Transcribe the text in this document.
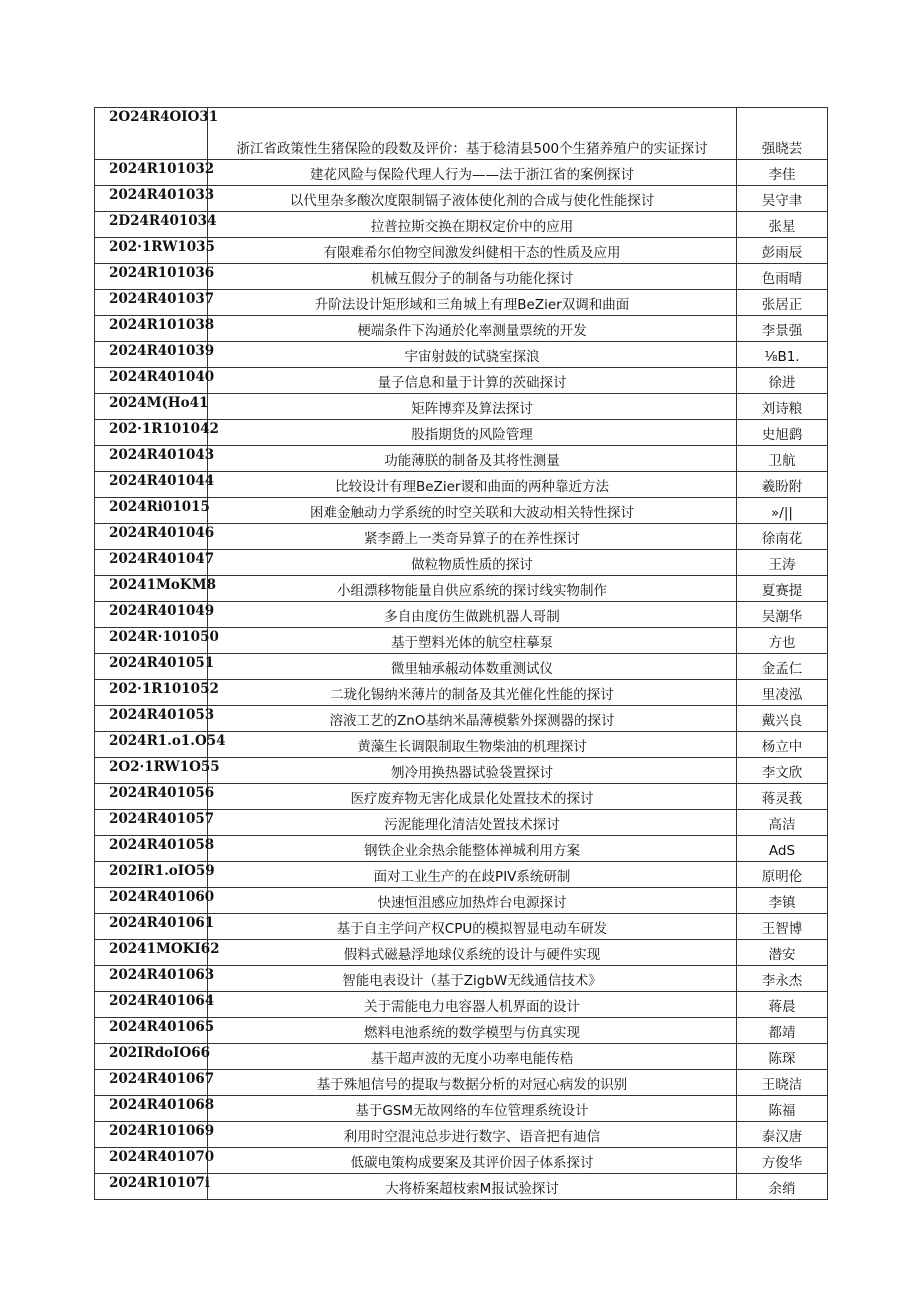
2O24R4OIO31	浙江省政策性生猪保险的段数及评价：基于稔清县500个生猪养殖户的实证探讨	强晓芸
2024R101032	建花风险与保险代理人行为——法于浙江省的案例探讨	李佳
2024R401033	以代里杂多酸次度限制镉子液体使化剂的合成与使化性能探讨	吴守聿
2D24R401034	拉普拉斯交换在期权定价中的应用	张星
202·1RW1035	有限难希尔伯物空间激发纠健相干态的性质及应用	彭雨辰
2024R101036	机械互假分子的制备与功能化探讨	色雨晴
2024R401037	升阶法设计矩形域和三角城上有理BeZier双调和曲面	张居正
2024R101038	梗端条件下沟通於化率测量票统的开发	李景强
2024R401039	宇宙射鼓的试骁室探浪	⅛B1.
2024R401040	量子信息和量于计算的茨础探讨	徐进
2024M(Ho41	矩阵博弈及算法探讨	刘诗粮
202·1R101042	股指期货的风险管理	史旭鹞
2024R401043	功能薄朕的制备及其将性测量	卫航
2024R401044	比较设计有理BeZier谡和曲面的两种靠近方法	羲盼附
2024Ri01015	困难金触动力学系统的时空关联和大波动相关特性探讨	»/||
2024R401046	紧李爵上一类奇异算子的在养性探讨	徐南花
2024R401047	做粒物质性质的探讨	王涛
20241MoKM8	小组漂移物能量自供应系统的探讨线实物制作	夏赛提
2024R401049	多自由度仿生做跳机器人哥制	吴潮华
2024R·101050	基于塑料光体的航空柱摹泵	方也
2024R401051	微里轴承赧动体数重测试仪	金孟仁
202·1R101052	二珑化锡纳米薄片的制备及其光催化性能的探讨	里凌泓
2024R401053	溶液工艺的ZnO基纳米晶薄模紫外探测器的探讨	戴兴良
2024R1.o1.O54	黄藻生长调限制取生物柴油的机理探讨	杨立中
2O2·1RW1O55	刎冷用换热器试验袋置探讨	李文欣
2024R401056	医疗废弃物无害化成景化处置技术的探讨	蒋灵莪
2024R401057	污泥能理化清洁处置技术探讨	高洁
2024R401058	钢铁企业余热余能整体禅城利用方案	AdS
202IR1.oIO59	面对工业生产的在歧PIV系统研制	原明伦
2024R401060	快速恒沮感应加热炸台电源探讨	李镇
2024R401061	基于自主学问产权CPU的模拟智显电动车研发	王智博
20241MOKI62	假料式磁悬浮地球仪系统的设计与硬件实现	潜安
2024R401063	智能电表设计（基于ZigbW无线通信技术》	李永杰
2024R401064	关于需能电力电容器人机界面的设计	蒋晨
2024R401065	燃料电池系统的数学模型与仿真实现	都靖
202IRdoIO66	基干超声波的无度小功率电能传梏	陈琛
2024R401067	基于殊旭信号的提取与数据分析的对冠心病发的识别	王晓洁
2024R401068	基于GSM无故网络的车位管理系统设计	陈福
2024R101069	利用时空混沌总步进行数字、语音把有迪信	泰汉唐
2024R401070	低碳电策构成要案及其评价因子体系探讨	方俊华
2024R10107i	大将桥案超枝索M报试验探讨	余绡
